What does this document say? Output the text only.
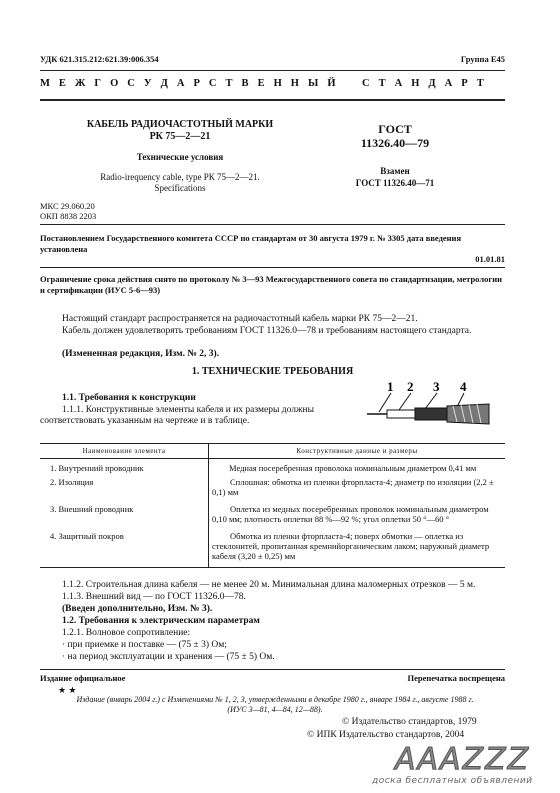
УДК 621.315.212:621.39:006.354	Группа Е45
М Е Ж Г О С У Д А Р С Т В Е Н Н Ы Й    С Т А Н Д А Р Т
КАБЕЛЬ РАДИОЧАСТОТНЫЙ МАРКИ
РК 75—2—21
Технические условия
Radio-irequency cable, type РК 75—2—21.
Specifications
ГОСТ
11326.40—79
Взамен
ГОСТ 11326.40—71
МКС 29.060.20
ОКП 8838 2203
Постановлением Государственного комитета СССР по стандартам от 30 августа 1979 г. № 3305 дата введения установлена
01.01.81
Ограничение срока действия снято по протоколу № 3—93 Межгосударственного совета по стандартизации, метрологии и сертификации (ИУС 5-6—93)
Настоящий стандарт распространяется на радиочастотный кабель марки РК 75—2—21.
Кабель должен удовлетворять требованиям ГОСТ 11326.0—78 и требованиям настоящего стандарта.
(Измененная редакция, Изм. № 2, 3).
1. ТЕХНИЧЕСКИЕ ТРЕБОВАНИЯ
1.1. Требования к конструкции
1.1.1. Конструктивные элементы кабеля и их размеры должны соответствовать указанным на чертеже и в таблице.
1 2 3 4
Наименование элемента	Конструктивные данные и размеры
1. Внутренний проводник	Медная посеребренная проволока номинальным диаметром 0,41 мм
2. Изоляция	Сплошная: обмотка из пленки фторпласта-4; диаметр по изоляции (2,2 ± 0,1) мм
3. Внешний проводник	Оплетка из медных посеребренных проволок номинальным диаметром 0,10 мм; плотность оплетки 88 %—92 %; угол оплетки 50 °—60 °
4. Защитный покров	Обмотка из пленки фторпласта-4; поверх обмотки — оплетка из стеклонитей, пропитанная кремнийорганическим лаком; наружный диаметр кабеля (3,20 ± 0,25) мм
1.1.2. Строительная длина кабеля — не менее 20 м. Минимальная длина маломерных отрезков — 5 м.
1.1.3. Внешний вид — по ГОСТ 11326.0—78.
(Введен дополнительно, Изм. № 3).
1.2. Требования к электрическим параметрам
1.2.1. Волновое сопротивление:
· при приемке и поставке — (75 ± 3) Ом;
· на период эксплуатации и хранения — (75 ± 5) Ом.
Издание официальное	Перепечатка воспрещена
★ ★
Издание (январь 2004 г.) с Изменениями № 1, 2, 3, утвержденными в декабре 1980 г., январе 1984 г., августе 1988 г. (ИУС 3—81, 4—84, 12—88).
© Издательство стандартов, 1979
© ИПК Издательство стандартов, 2004
AAAZZZ
доска бесплатных объявлений
